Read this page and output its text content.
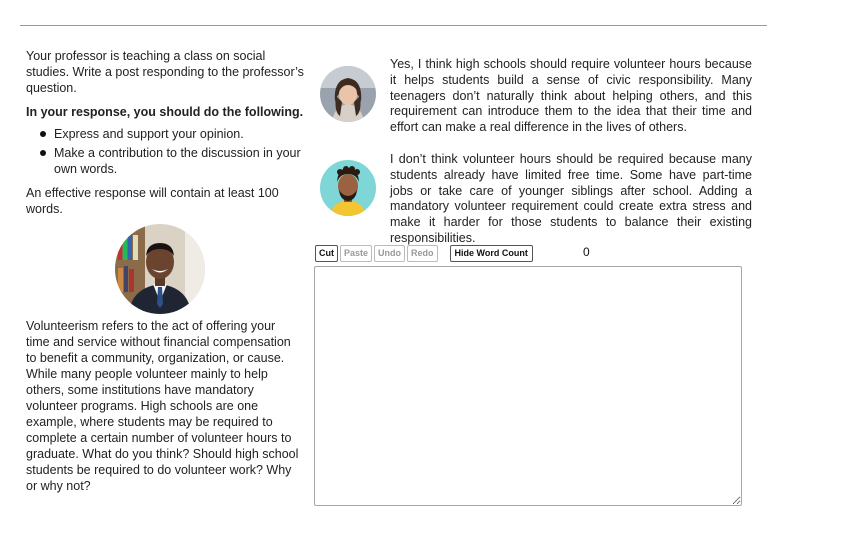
Your professor is teaching a class on social studies. Write a post responding to the professor’s question.

In your response, you should do the following.

Express and support your opinion.
Make a contribution to the discussion in your own words.

An effective response will contain at least 100 words.

Volunteerism refers to the act of offering your time and service without financial compensation to benefit a community, organization, or cause. While many people volunteer mainly to help others, some institutions have mandatory volunteer programs. High schools are one example, where students may be required to complete a certain number of volunteer hours to graduate. What do you think? Should high school students be required to do volunteer work? Why or why not?

Yes, I think high schools should require volunteer hours because it helps students build a sense of civic responsibility. Many teenagers don’t naturally think about helping others, and this requirement can introduce them to the idea that their time and effort can make a real difference in the lives of others.

I don’t think volunteer hours should be required because many students already have limited free time. Some have part-time jobs or take care of younger siblings after school. Adding a mandatory volunteer requirement could create extra stress and make it harder for those students to balance their existing responsibilities.

Cut	Paste	Undo	Redo	Hide Word Count	0
